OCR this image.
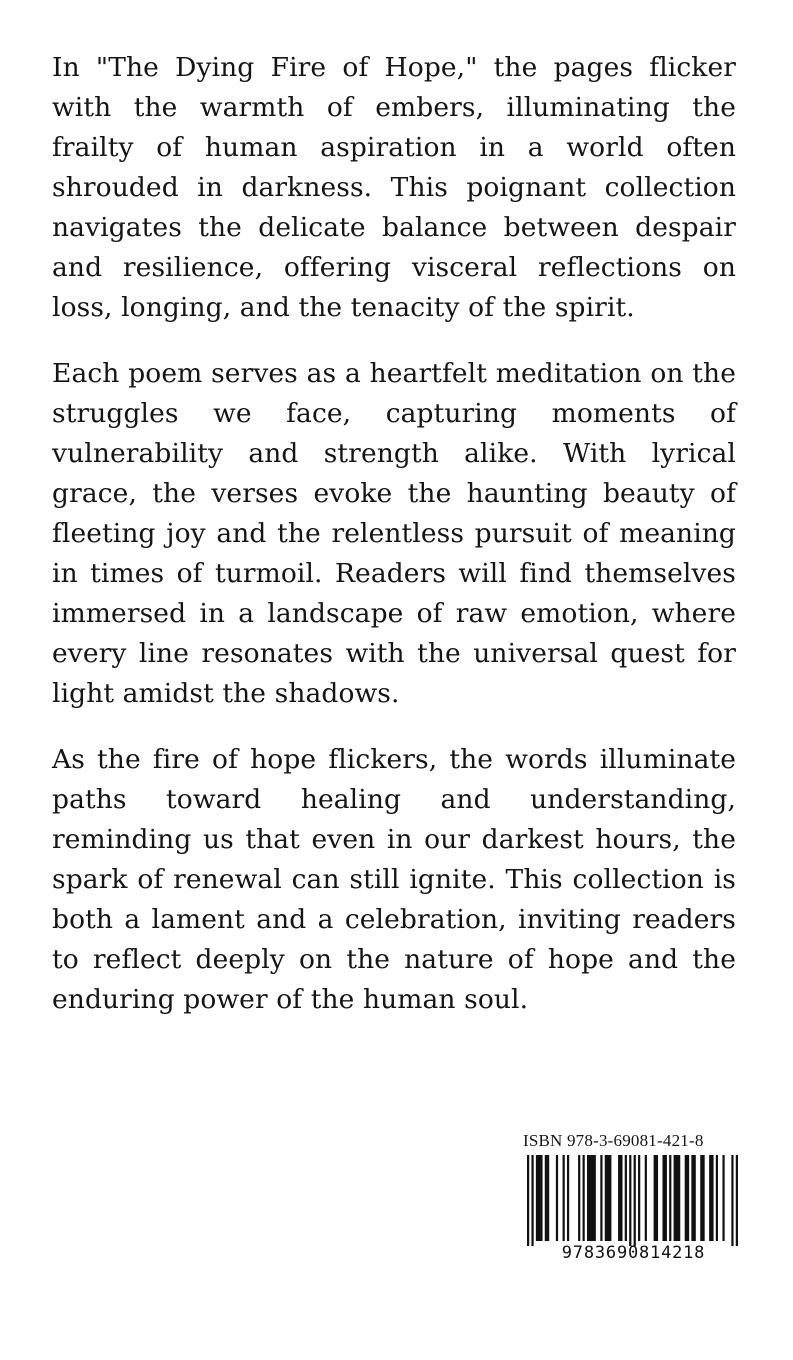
In "The Dying Fire of Hope," the pages flicker with the warmth of embers, illuminating the frailty of human aspiration in a world often shrouded in darkness. This poignant collection navigates the delicate balance between despair and resilience, offering visceral reflections on loss, longing, and the tenacity of the spirit.

Each poem serves as a heartfelt meditation on the struggles we face, capturing moments of vulnerability and strength alike. With lyrical grace, the verses evoke the haunting beauty of fleeting joy and the relentless pursuit of meaning in times of turmoil. Readers will find themselves immersed in a landscape of raw emotion, where every line resonates with the universal quest for light amidst the shadows.

As the fire of hope flickers, the words illuminate paths toward healing and understanding, reminding us that even in our darkest hours, the spark of renewal can still ignite. This collection is both a lament and a celebration, inviting readers to reflect deeply on the nature of hope and the enduring power of the human soul.

ISBN 978-3-69081-421-8
9783690814218
